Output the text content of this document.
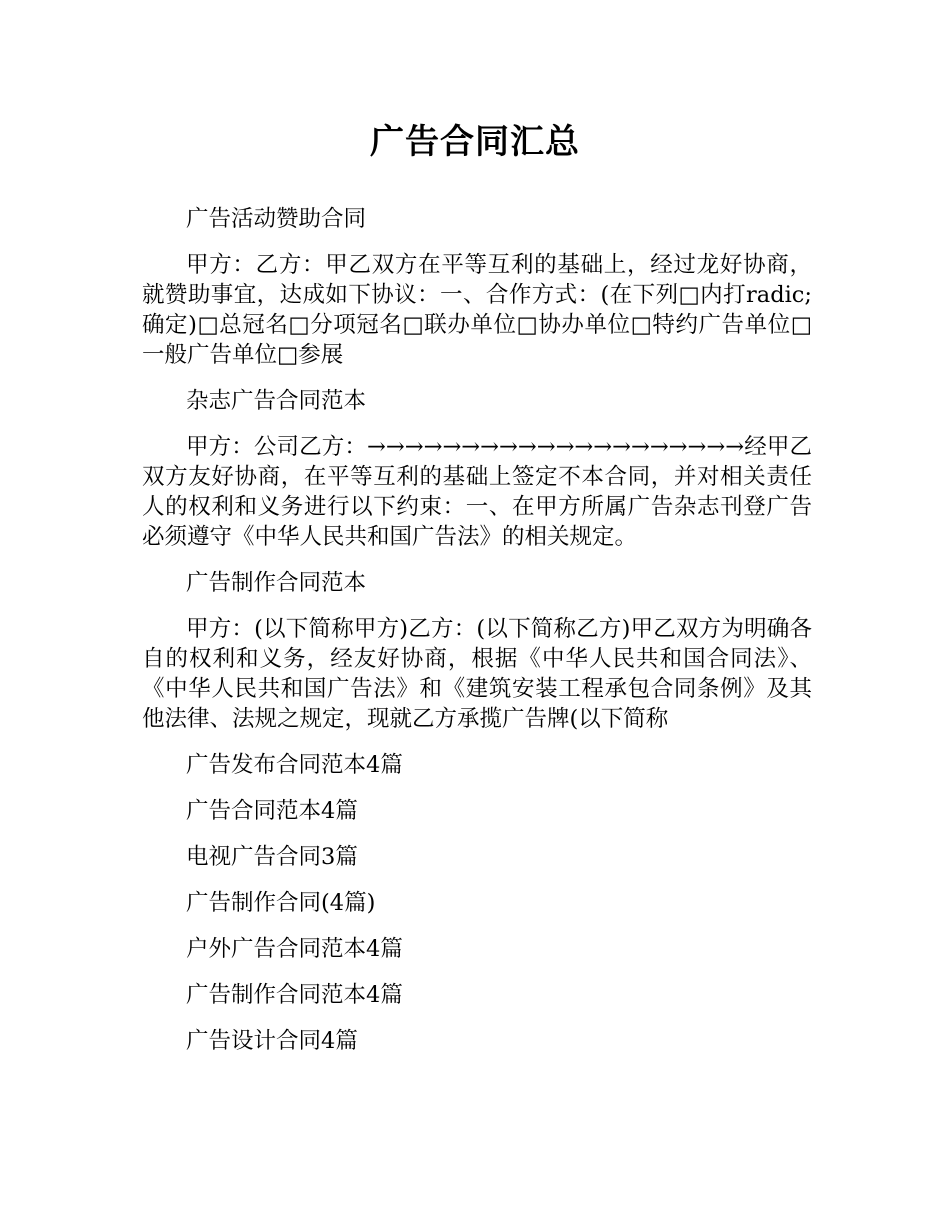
广告合同汇总
广告活动赞助合同
甲方：乙方：甲乙双方在平等互利的基础上，经过龙好协商，就赞助事宜，达成如下协议：一、合作方式：(在下列□内打radic;确定)□总冠名□分项冠名□联办单位□协办单位□特约广告单位□一般广告单位□参展
杂志广告合同范本
甲方：公司乙方：→→→→→→→→→→→→→→→→→→→→经甲乙双方友好协商，在平等互利的基础上签定不本合同，并对相关责任人的权利和义务进行以下约束：一、在甲方所属广告杂志刊登广告必须遵守《中华人民共和国广告法》的相关规定。
广告制作合同范本
甲方：(以下简称甲方)乙方：(以下简称乙方)甲乙双方为明确各自的权利和义务，经友好协商，根据《中华人民共和国合同法》、《中华人民共和国广告法》和《建筑安装工程承包合同条例》及其他法律、法规之规定，现就乙方承揽广告牌(以下简称
广告发布合同范本4篇
广告合同范本4篇
电视广告合同3篇
广告制作合同(4篇)
户外广告合同范本4篇
广告制作合同范本4篇
广告设计合同4篇
